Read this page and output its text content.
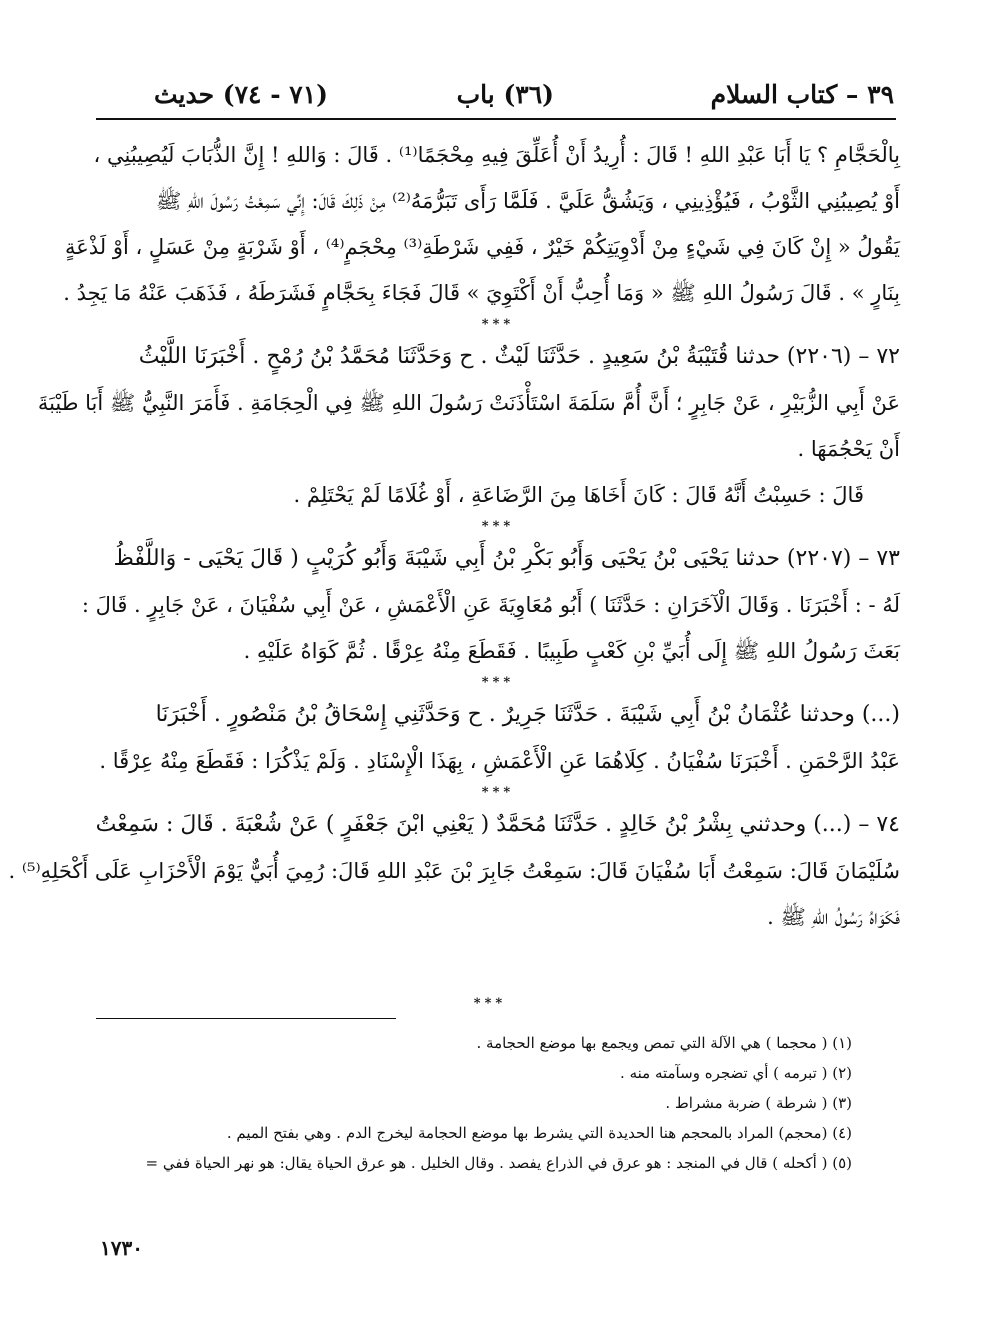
٣٩ – كتاب السلام
(٣٦) باب
(٧١ - ٧٤) حديث
بِالْحَجَّامِ ؟ يَا أَبَا عَبْدِ اللهِ ! قَالَ : أُرِيدُ أَنْ أُعَلِّقَ فِيهِ مِحْجَمًا⁽¹⁾ . قَالَ : وَاللهِ ! إِنَّ الذُّبَابَ لَيُصِيبُنِي ،
أَوْ يُصِيبُنِي الثَّوْبُ ، فَيُؤْذِينِي ، وَيَشُقُّ عَلَيَّ . فَلَمَّا رَأَى تَبَرُّمَهُ⁽²⁾ مِنْ ذَلِكَ قَالَ: إِنِّي سَمِعْتُ رَسُولَ اللهِ ﷺ
يَقُولُ « إِنْ كَانَ فِي شَيْءٍ مِنْ أَدْوِيَتِكُمْ خَيْرٌ ، فَفِي شَرْطَةِ⁽³⁾ مِحْجَمٍ⁽⁴⁾ ، أَوْ شَرْبَةٍ مِنْ عَسَلٍ ، أَوْ لَذْعَةٍ
بِنَارٍ » . قَالَ رَسُولُ اللهِ ﷺ « وَمَا أُحِبُّ أَنْ أَكْتَوِيَ » قَالَ فَجَاءَ بِحَجَّامٍ فَشَرَطَهُ ، فَذَهَبَ عَنْهُ مَا يَجِدُ .
***
٧٢ – (٢٢٠٦) حدثنا قُتَيْبَةُ بْنُ سَعِيدٍ . حَدَّثَنَا لَيْثٌ . ح وَحَدَّثَنَا مُحَمَّدُ بْنُ رُمْحٍ . أَخْبَرَنَا اللَّيْثُ
عَنْ أَبِي الزُّبَيْرِ ، عَنْ جَابِرٍ ؛ أَنَّ أُمَّ سَلَمَةَ اسْتَأْذَنَتْ رَسُولَ اللهِ ﷺ فِي الْحِجَامَةِ . فَأَمَرَ النَّبِيُّ ﷺ أَبَا طَيْبَةَ
أَنْ يَحْجُمَهَا .
قَالَ : حَسِبْتُ أَنَّهُ قَالَ : كَانَ أَخَاهَا مِنَ الرَّضَاعَةِ ، أَوْ غُلَامًا لَمْ يَحْتَلِمْ .
***
٧٣ – (٢٢٠٧) حدثنا يَحْيَى بْنُ يَحْيَى وَأَبُو بَكْرِ بْنُ أَبِي شَيْبَةَ وَأَبُو كُرَيْبٍ ( قَالَ يَحْيَى - وَاللَّفْظُ
لَهُ - : أَخْبَرَنَا . وَقَالَ الْآخَرَانِ : حَدَّثَنَا ) أَبُو مُعَاوِيَةَ عَنِ الْأَعْمَشِ ، عَنْ أَبِي سُفْيَانَ ، عَنْ جَابِرٍ . قَالَ :
بَعَثَ رَسُولُ اللهِ ﷺ إِلَى أُبَيِّ بْنِ كَعْبٍ طَبِيبًا . فَقَطَعَ مِنْهُ عِرْقًا . ثُمَّ كَوَاهُ عَلَيْهِ .
***
(...) وحدثنا عُثْمَانُ بْنُ أَبِي شَيْبَةَ . حَدَّثَنَا جَرِيرٌ . ح وَحَدَّثَنِي إِسْحَاقُ بْنُ مَنْصُورٍ . أَخْبَرَنَا
عَبْدُ الرَّحْمَنِ . أَخْبَرَنَا سُفْيَانُ . كِلَاهُمَا عَنِ الْأَعْمَشِ ، بِهَذَا الْإِسْنَادِ . وَلَمْ يَذْكُرَا : فَقَطَعَ مِنْهُ عِرْقًا .
***
٧٤ – (...) وحدثني بِشْرُ بْنُ خَالِدٍ . حَدَّثَنَا مُحَمَّدٌ ( يَعْنِي ابْنَ جَعْفَرٍ ) عَنْ شُعْبَةَ . قَالَ : سَمِعْتُ
سُلَيْمَانَ قَالَ: سَمِعْتُ أَبَا سُفْيَانَ قَالَ: سَمِعْتُ جَابِرَ بْنَ عَبْدِ اللهِ قَالَ: رُمِيَ أُبَيٌّ يَوْمَ الْأَحْزَابِ عَلَى أَكْحَلِهِ⁽⁵⁾ .
فَكَوَاهُ رَسُولُ اللهِ ﷺ .
***
(١) ( محجما ) هي الآلة التي تمص ويجمع بها موضع الحجامة .
(٢) ( تبرمه ) أي تضجره وسآمته منه .
(٣) ( شرطة ) ضربة مشراط .
(٤) (محجم) المراد بالمحجم هنا الحديدة التي يشرط بها موضع الحجامة ليخرج الدم . وهي بفتح الميم .
(٥) ( أكحله ) قال في المنجد : هو عرق في الذراع يفصد . وقال الخليل . هو عرق الحياة يقال: هو نهر الحياة ففي =
١٧٣٠
